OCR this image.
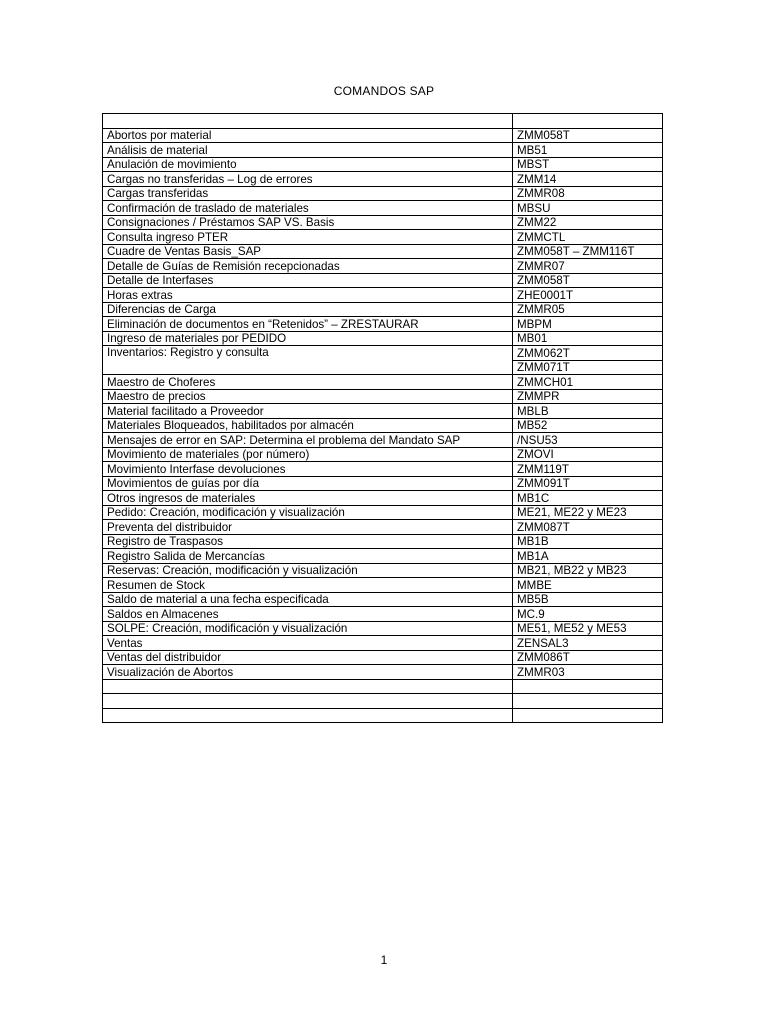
COMANDOS SAP

Abortos por material	ZMM058T
Análisis de material	MB51
Anulación de movimiento	MBST
Cargas no transferidas – Log de errores	ZMM14
Cargas transferidas	ZMMR08
Confirmación de traslado de materiales	MBSU
Consignaciones / Préstamos SAP VS. Basis	ZMM22
Consulta ingreso PTER	ZMMCTL
Cuadre de Ventas Basis_SAP	ZMM058T – ZMM116T
Detalle de Guías de Remisión recepcionadas	ZMMR07
Detalle de Interfases	ZMM058T
Horas extras	ZHE0001T
Diferencias de Carga	ZMMR05
Eliminación de documentos en “Retenidos” – ZRESTAURAR	MBPM
Ingreso de materiales por PEDIDO	MB01
Inventarios: Registro y consulta	ZMM062T
	ZMM071T
Maestro de Choferes	ZMMCH01
Maestro de precios	ZMMPR
Material facilitado a Proveedor	MBLB
Materiales Bloqueados, habilitados por almacén	MB52
Mensajes de error en SAP: Determina el problema del Mandato SAP	/NSU53
Movimiento de materiales (por número)	ZMOVI
Movimiento Interfase devoluciones	ZMM119T
Movimientos de guías por día	ZMM091T
Otros ingresos de materiales	MB1C
Pedido: Creación, modificación y visualización	ME21, ME22 y ME23
Preventa del distribuidor	ZMM087T
Registro de Traspasos	MB1B
Registro Salida de Mercancías	MB1A
Reservas: Creación, modificación y visualización	MB21, MB22 y MB23
Resumen de Stock	MMBE
Saldo de material a una fecha especificada	MB5B
Saldos en Almacenes	MC.9
SOLPE: Creación, modificación y visualización	ME51, ME52 y ME53
Ventas	ZENSAL3
Ventas del distribuidor	ZMM086T
Visualización de Abortos	ZMMR03

1
